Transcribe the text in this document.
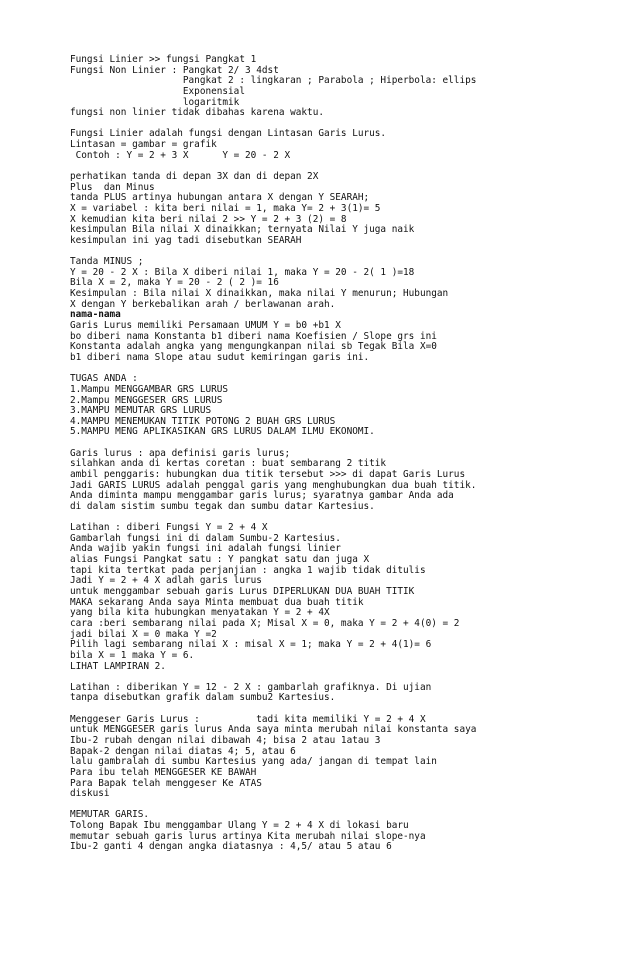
Fungsi Linier >> fungsi Pangkat 1
Fungsi Non Linier : Pangkat 2/ 3 4dst
Pangkat 2 : lingkaran ; Parabola ; Hiperbola: ellips
Exponensial
logaritmik
fungsi non linier tidak dibahas karena waktu.
Fungsi Linier adalah fungsi dengan Lintasan Garis Lurus.
Lintasan = gambar = grafik
Contoh : Y = 2 + 3 X      Y = 20 - 2 X
perhatikan tanda di depan 3X dan di depan 2X
Plus  dan Minus
tanda PLUS artinya hubungan antara X dengan Y SEARAH;
X = variabel : kita beri nilai = 1, maka Y= 2 + 3(1)= 5
X kemudian kita beri nilai 2 >> Y = 2 + 3 (2) = 8
kesimpulan Bila nilai X dinaikkan; ternyata Nilai Y juga naik
kesimpulan ini yag tadi disebutkan SEARAH
Tanda MINUS ;
Y = 20 - 2 X : Bila X diberi nilai 1, maka Y = 20 - 2( 1 )=18
Bila X = 2, maka Y = 20 - 2 ( 2 )= 16
Kesimpulan : Bila nilai X dinaikkan, maka nilai Y menurun; Hubungan
X dengan Y berkebalikan arah / berlawanan arah.
nama-nama
Garis Lurus memiliki Persamaan UMUM Y = b0 +b1 X
bo diberi nama Konstanta b1 diberi nama Koefisien / Slope grs ini
Konstanta adalah angka yang mengungkanpan nilai sb Tegak Bila X=0
b1 diberi nama Slope atau sudut kemiringan garis ini.
TUGAS ANDA :
1.Mampu MENGGAMBAR GRS LURUS
2.Mampu MENGGESER GRS LURUS
3.MAMPU MEMUTAR GRS LURUS
4.MAMPU MENEMUKAN TITIK POTONG 2 BUAH GRS LURUS
5.MAMPU MENG APLIKASIKAN GRS LURUS DALAM ILMU EKONOMI.
Garis lurus : apa definisi garis lurus;
silahkan anda di kertas coretan : buat sembarang 2 titik
ambil penggaris: hubungkan dua titik tersebut >>> di dapat Garis Lurus
Jadi GARIS LURUS adalah penggal garis yang menghubungkan dua buah titik.
Anda diminta mampu menggambar garis lurus; syaratnya gambar Anda ada
di dalam sistim sumbu tegak dan sumbu datar Kartesius.
Latihan : diberi Fungsi Y = 2 + 4 X
Gambarlah fungsi ini di dalam Sumbu-2 Kartesius.
Anda wajib yakin fungsi ini adalah fungsi linier
alias Fungsi Pangkat satu : Y pangkat satu dan juga X
tapi kita tertkat pada perjanjian : angka 1 wajib tidak ditulis
Jadi Y = 2 + 4 X adlah garis lurus
untuk menggambar sebuah garis Lurus DIPERLUKAN DUA BUAH TITIK
MAKA sekarang Anda saya Minta membuat dua buah titik
yang bila kita hubungkan menyatakan Y = 2 + 4X
cara :beri sembarang nilai pada X; Misal X = 0, maka Y = 2 + 4(0) = 2
jadi bilai X = 0 maka Y =2
Pilih lagi sembarang nilai X : misal X = 1; maka Y = 2 + 4(1)= 6
bila X = 1 maka Y = 6.
LIHAT LAMPIRAN 2.
Latihan : diberikan Y = 12 - 2 X : gambarlah grafiknya. Di ujian
tanpa disebutkan grafik dalam sumbu2 Kartesius.
Menggeser Garis Lurus :          tadi kita memiliki Y = 2 + 4 X
untuk MENGGESER garis lurus Anda saya minta merubah nilai konstanta saya
Ibu-2 rubah dengan nilai dibawah 4; bisa 2 atau 1atau 3
Bapak-2 dengan nilai diatas 4; 5, atau 6
lalu gambralah di sumbu Kartesius yang ada/ jangan di tempat lain
Para ibu telah MENGGESER KE BAWAH
Para Bapak telah menggeser Ke ATAS
diskusi
MEMUTAR GARIS.
Tolong Bapak Ibu menggambar Ulang Y = 2 + 4 X di lokasi baru
memutar sebuah garis lurus artinya Kita merubah nilai slope-nya
Ibu-2 ganti 4 dengan angka diatasnya : 4,5/ atau 5 atau 6
